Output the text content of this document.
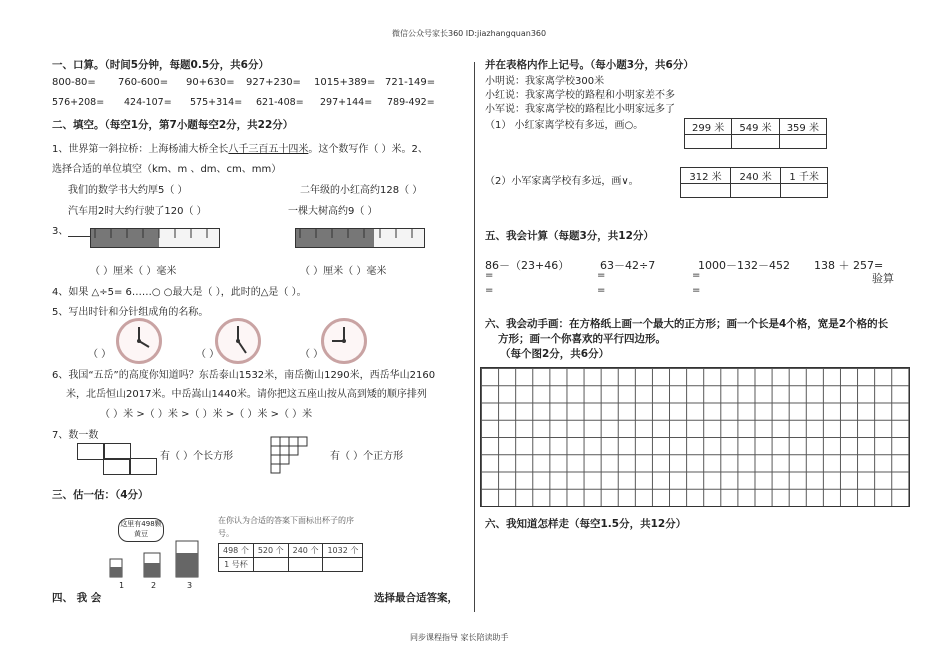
微信公众号家长360 ID:jiazhangquan360
同步课程指导 家长陪读助手
一、口算。（时间5分钟，每题0.5分，共6分）
800-80= 760-600= 90+630= 927+230= 1015+389= 721-149=
576+208= 424-107= 575+314= 621-408= 297+144= 789-492=
二、填空。（每空1分，第7小题每空2分，共22分）
1、世界第一斜拉桥：上海杨浦大桥全长八千三百五十四米。这个数写作（ ）米。2、
选择合适的单位填空（km、m 、dm、cm、mm）
我们的数学书大约厚5（ ）	二年级的小红高约128（ ）
汽车用2时大约行驶了120（ ）	一棵大树高约9（ ）
3、
（ ）厘米（ ）毫米	（ ）厘米（ ）毫米
4、如果 △÷5= 6……○ ○最大是（ ），此时的△是（ ）。
5、写出时针和分针组成角的名称。
（ ）	（ ）	（ ）
6、我国“五岳”的高度你知道吗？东岳泰山1532米，南岳衡山1290米，西岳华山2160
米，北岳恒山2017米。中岳嵩山1440米。请你把这五座山按从高到矮的顺序排列
（ ）米 >（ ）米 >（ ）米 >（ ）米 >（ ）米
7、数一数
有（ ）个长方形	有（ ）个正方形
三、估一估：（4分）
这里有498颗黄豆
1	2	3
在你认为合适的答案下面标出杯子的序号。
498 个	520 个	240 个	1032 个
1 号杯			
四、 我 会	选择最合适答案，
并在表格内作上记号。（每小题3分，共6分）
小明说：我家离学校300米
小红说：我家离学校的路程和小明家差不多
小军说：我家离学校的路程比小明家远多了
（1） 小红家离学校有多远，画○。	299 米	549 米	359 米

（2）小军家离学校有多远，画∨。	312 米	240 米	1 千米

五、我会计算（每题3分，共12分）
86－（23+46）	63－42÷7	1000－132－452 138 ＋ 257=
验算
=
=
=
=
=
=
六、我会动手画：在方格纸上画一个最大的正方形；画一个长是4个格，宽是2个格的长
方形；画一个你喜欢的平行四边形。
（每个图2分，共6分）
六、我知道怎样走（每空1.5分，共12分）
